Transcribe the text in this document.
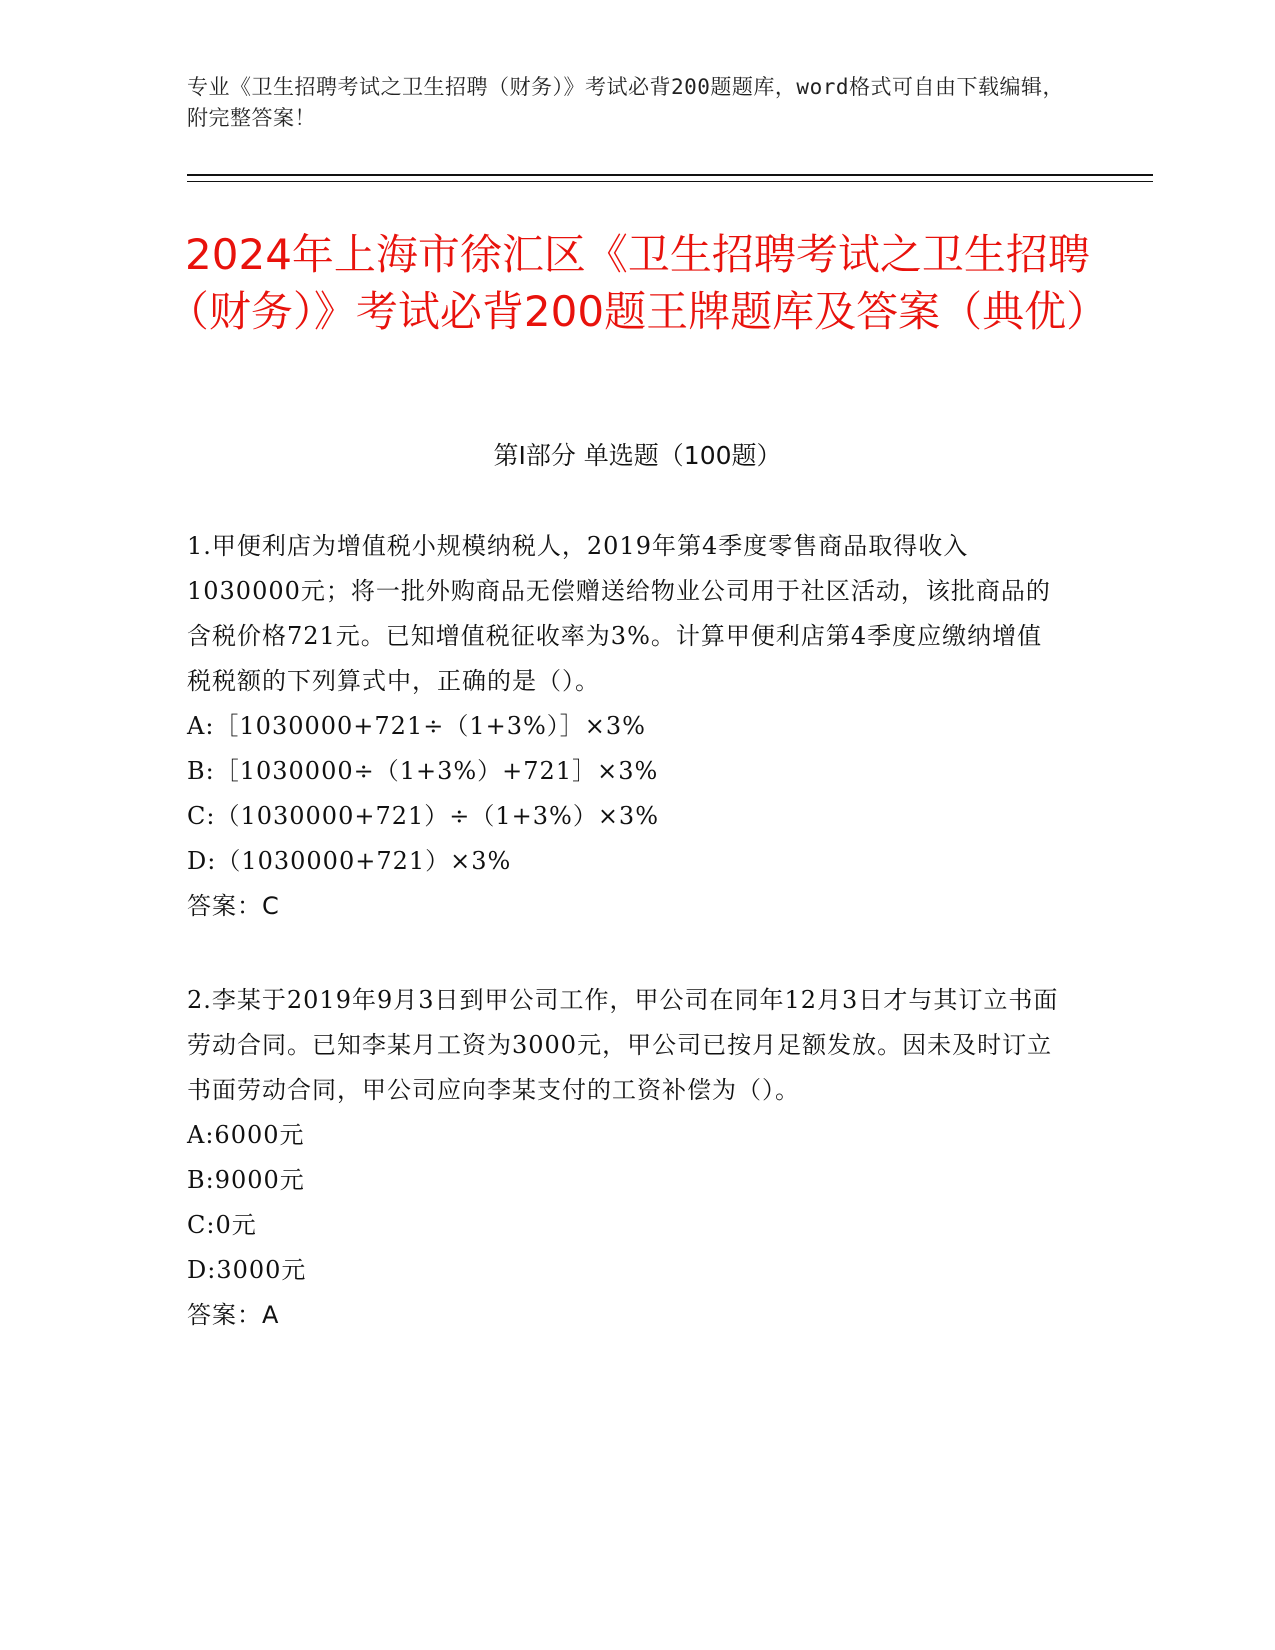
专业《卫生招聘考试之卫生招聘（财务）》考试必背200题题库，word格式可自由下载编辑，附完整答案！
2024年上海市徐汇区《卫生招聘考试之卫生招聘（财务）》考试必背200题王牌题库及答案（典优）
第Ⅰ部分 单选题（100题）

1.甲便利店为增值税小规模纳税人，2019年第4季度零售商品取得收入1030000元；将一批外购商品无偿赠送给物业公司用于社区活动，该批商品的含税价格721元。已知增值税征收率为3%。计算甲便利店第4季度应缴纳增值税税额的下列算式中，正确的是（）。

A:［1030000+721÷（1+3%）］×3%

B:［1030000÷（1+3%）+721］×3%

C:（1030000+721）÷（1+3%）×3%

D:（1030000+721）×3%

答案：C

2.李某于2019年9月3日到甲公司工作，甲公司在同年12月3日才与其订立书面劳动合同。已知李某月工资为3000元，甲公司已按月足额发放。因未及时订立书面劳动合同，甲公司应向李某支付的工资补偿为（）。

A:6000元

B:9000元

C:0元

D:3000元

答案：A
